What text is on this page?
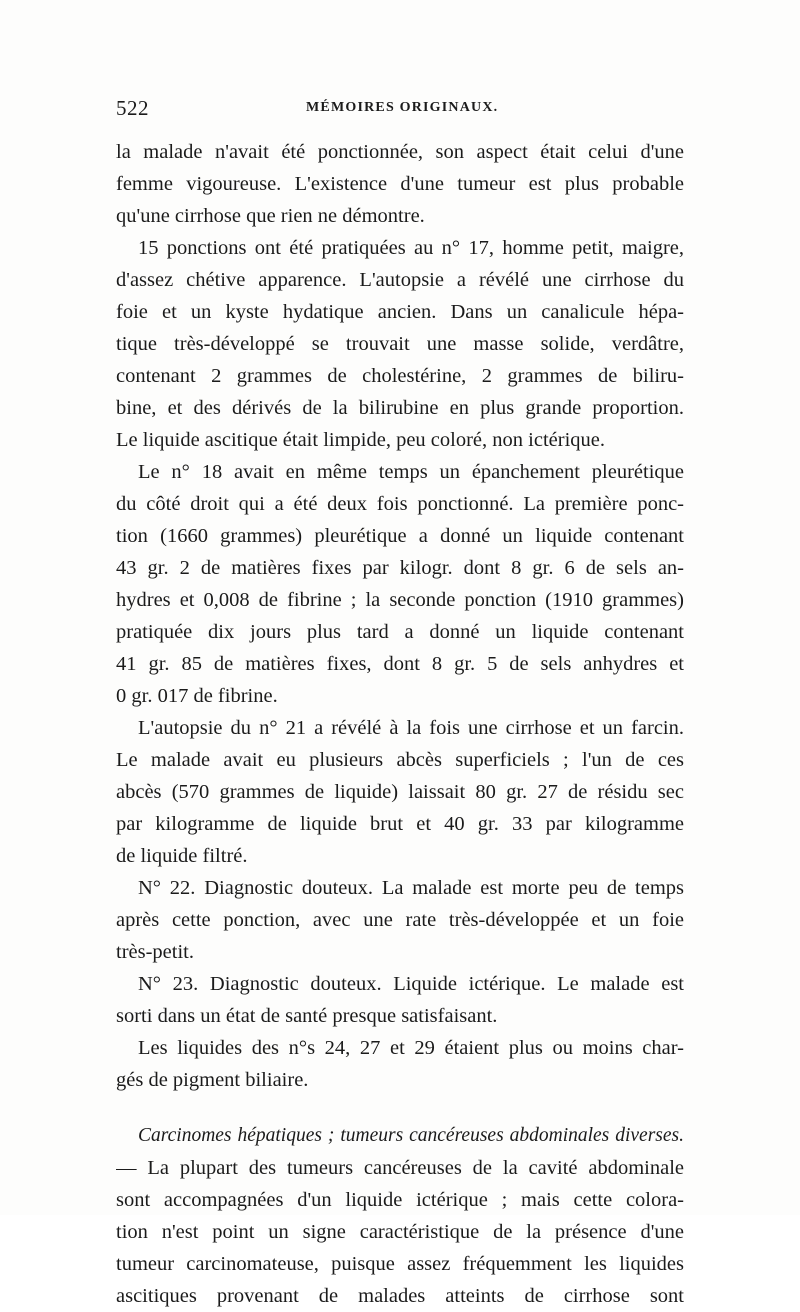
522	MÉMOIRES ORIGINAUX.
la malade n'avait été ponctionnée, son aspect était celui d'une
femme vigoureuse. L'existence d'une tumeur est plus probable
qu'une cirrhose que rien ne démontre.
15 ponctions ont été pratiquées au n° 17, homme petit, maigre,
d'assez chétive apparence. L'autopsie a révélé une cirrhose du
foie et un kyste hydatique ancien. Dans un canalicule hépa-
tique très-développé se trouvait une masse solide, verdâtre,
contenant 2 grammes de cholestérine, 2 grammes de biliru-
bine, et des dérivés de la bilirubine en plus grande proportion.
Le liquide ascitique était limpide, peu coloré, non ictérique.
Le n° 18 avait en même temps un épanchement pleurétique
du côté droit qui a été deux fois ponctionné. La première ponc-
tion (1660 grammes) pleurétique a donné un liquide contenant
43 gr. 2 de matières fixes par kilogr. dont 8 gr. 6 de sels an-
hydres et 0,008 de fibrine ; la seconde ponction (1910 grammes)
pratiquée dix jours plus tard a donné un liquide contenant
41 gr. 85 de matières fixes, dont 8 gr. 5 de sels anhydres et
0 gr. 017 de fibrine.
L'autopsie du n° 21 a révélé à la fois une cirrhose et un farcin.
Le malade avait eu plusieurs abcès superficiels ; l'un de ces
abcès (570 grammes de liquide) laissait 80 gr. 27 de résidu sec
par kilogramme de liquide brut et 40 gr. 33 par kilogramme
de liquide filtré.
N° 22. Diagnostic douteux. La malade est morte peu de temps
après cette ponction, avec une rate très-développée et un foie
très-petit.
N° 23. Diagnostic douteux. Liquide ictérique. Le malade est
sorti dans un état de santé presque satisfaisant.
Les liquides des n°s 24, 27 et 29 étaient plus ou moins char-
gés de pigment biliaire.
Carcinomes hépatiques ; tumeurs cancéreuses abdominales diverses.
— La plupart des tumeurs cancéreuses de la cavité abdominale
sont accompagnées d'un liquide ictérique ; mais cette colora-
tion n'est point un signe caractéristique de la présence d'une
tumeur carcinomateuse, puisque assez fréquemment les liquides
ascitiques provenant de malades atteints de cirrhose sont
